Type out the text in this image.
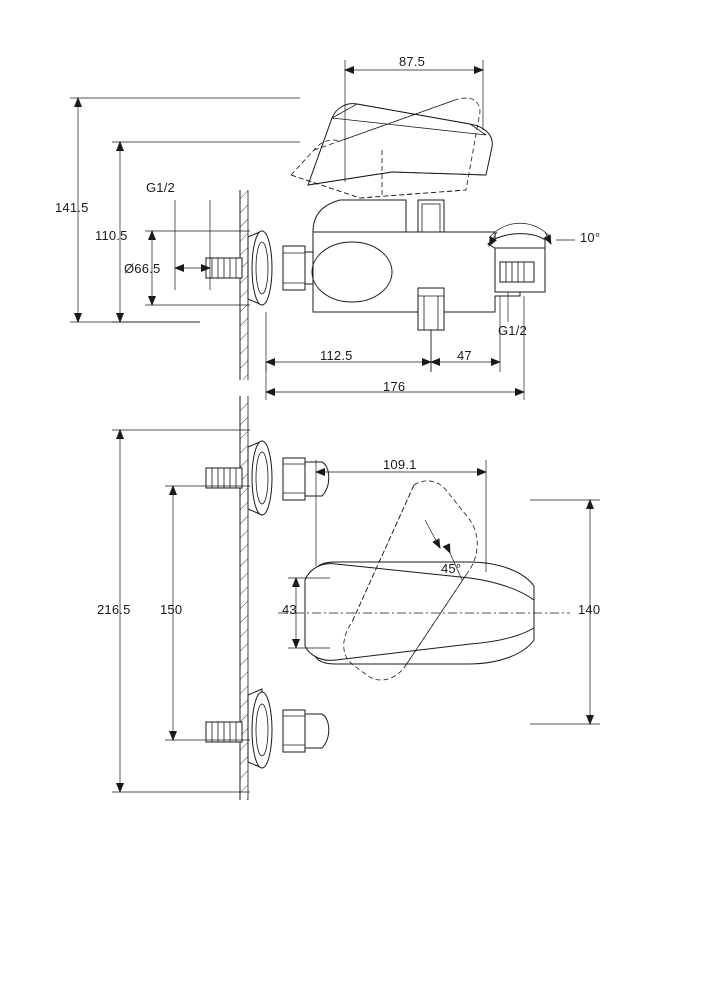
87.5
141.5
110.5
Ø66.5
G1/2
G1/2
10°
112.5	47
176
109.1
45°
216.5 150	43	140
